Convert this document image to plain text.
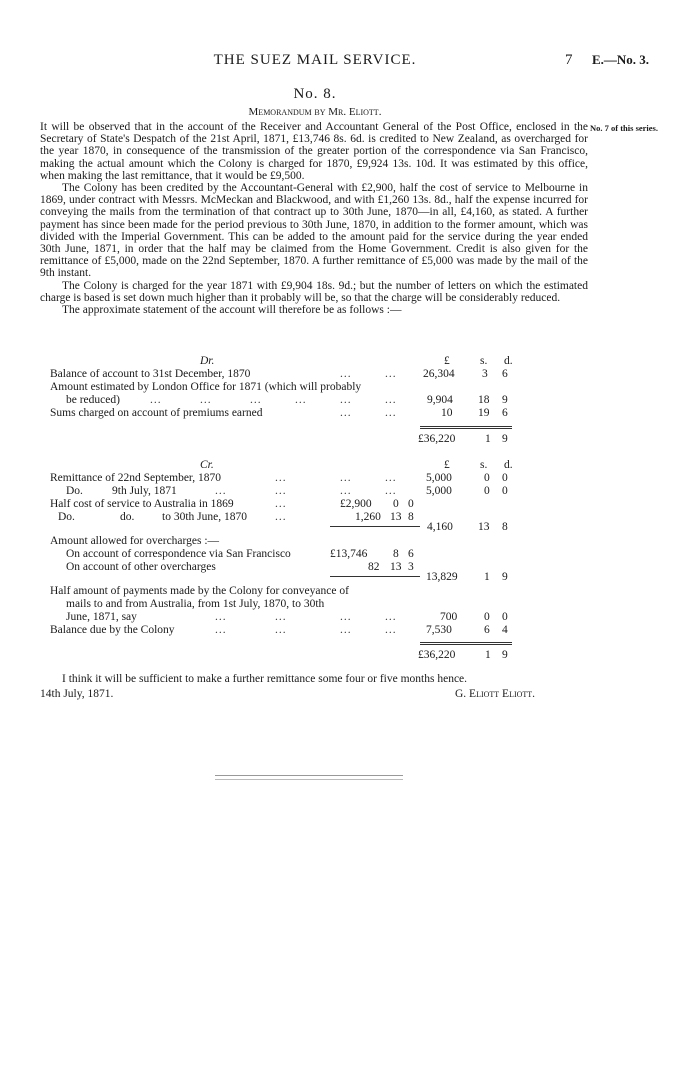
THE SUEZ MAIL SERVICE.	7 E.—No. 3.
No. 8.
Memorandum by Mr. Eliott.
No. 7 of this series.

It will be observed that in the account of the Receiver and Accountant General of the Post Office, enclosed in the Secretary of State's Despatch of the 21st April, 1871, £13,746 8s. 6d. is credited to New Zealand, as overcharged for the year 1870, in consequence of the transmission of the greater portion of the correspondence via San Francisco, making the actual amount which the Colony is charged for 1870, £9,924 13s. 10d. It was estimated by this office, when making the last remittance, that it would be £9,500.

The Colony has been credited by the Accountant-General with £2,900, half the cost of service to Melbourne in 1869, under contract with Messrs. McMeckan and Blackwood, and with £1,260 13s. 8d., half the expense incurred for conveying the mails from the termination of that contract up to 30th June, 1870—in all, £4,160, as stated. A further payment has since been made for the period previous to 30th June, 1870, in addition to the former amount, which was divided with the Imperial Government. This can be added to the amount paid for the service during the year ended 30th June, 1871, in order that the half may be claimed from the Home Government. Credit is also given for the remittance of £5,000, made on the 22nd September, 1870. A further remittance of £5,000 was made by the mail of the 9th instant.

The Colony is charged for the year 1871 with £9,904 18s. 9d.; but the number of letters on which the estimated charge is based is set down much higher than it probably will be, so that the charge will be considerably reduced.

The approximate statement of the account will therefore be as follows :—

Dr.	£	s. d.
Balance of account to 31st December, 1870	...	... 26,304 3 6
Amount estimated by London Office for 1871 (which will probably
be reduced)	...	...	...	...	...	...	9,904 18 9
Sums charged on account of premiums earned	...	...	10 19 6
£36,220	1 9
Cr.	£	s. d.
Remittance of 22nd September, 1870	...	...	...	5,000	0 0
Do.	9th July, 1871	...	...	...	...	5,000	0 0
Half cost of service to Australia in 1869	...	£2,900 0 0
Do.	do. to 30th June, 1870 ...	1,260 13 8
4,160 13 8
Amount allowed for overcharges :—
On account of correspondence via San Francisco	£13,746 8 6
On account of other overcharges	82 13 3
13,829 1 9
Half amount of payments made by the Colony for conveyance of
mails to and from Australia, from 1st July, 1870, to 30th
June, 1871, say	...	...	...	...	700 0 0
Balance due by the Colony	...	...	...	...	7,530	6 4
£36,220	1 9
I think it will be sufficient to make a further remittance some four or five months hence.
14th July, 1871.	G. Eliott Eliott.
